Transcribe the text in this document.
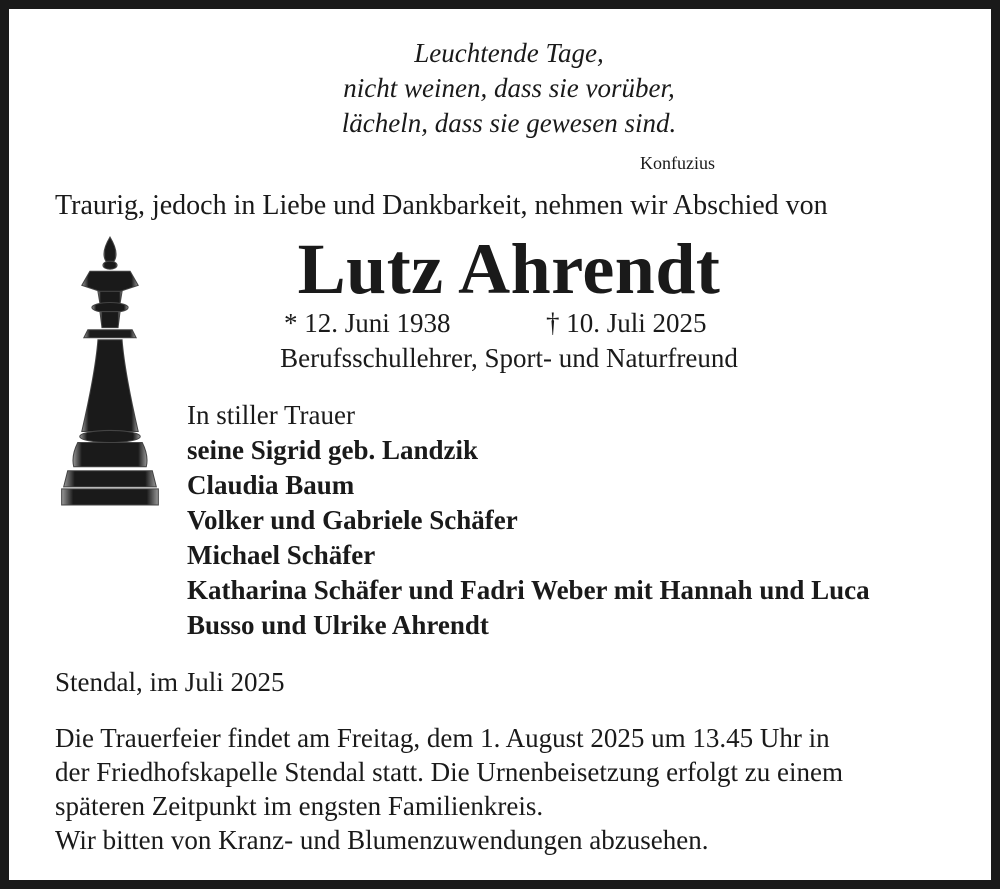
Leuchtende Tage,

nicht weinen, dass sie vorüber,

lächeln, dass sie gewesen sind.

Konfuzius

Traurig, jedoch in Liebe und Dankbarkeit, nehmen wir Abschied von

Lutz Ahrendt

* 12. Juni 1938	† 10. Juli 2025

Berufsschullehrer, Sport- und Naturfreund

In stiller Trauer

seine Sigrid geb. Landzik

Claudia Baum

Volker und Gabriele Schäfer

Michael Schäfer

Katharina Schäfer und Fadri Weber mit Hannah und Luca

Busso und Ulrike Ahrendt

Stendal, im Juli 2025

Die Trauerfeier findet am Freitag, dem 1. August 2025 um 13.45 Uhr in

der Friedhofskapelle Stendal statt. Die Urnenbeisetzung erfolgt zu einem

späteren Zeitpunkt im engsten Familienkreis.

Wir bitten von Kranz- und Blumenzuwendungen abzusehen.
